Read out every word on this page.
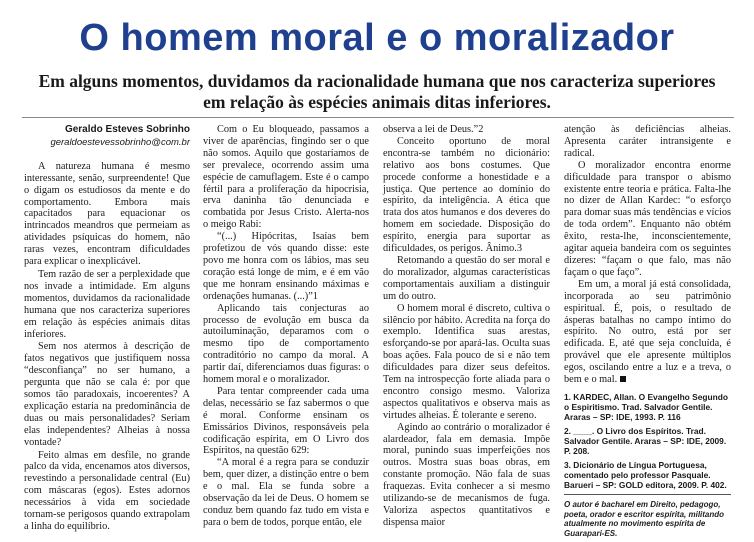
O homem moral e o moralizador

Em alguns momentos, duvidamos da racionalidade humana que nos caracteriza superiores em relação às espécies animais ditas inferiores.

Geraldo Esteves Sobrinho

geraldoestevessobrinho@com.br

A natureza humana é mesmo interessante, senão, surpreendente! Que o digam os estudiosos da mente e do comportamento. Embora mais capacitados para equacionar os intrincados meandros que permeiam as atividades psíquicas do homem, não raras vezes, encontram dificuldades para explicar o inexplicável.

Tem razão de ser a perplexidade que nos invade a intimidade. Em alguns momentos, duvidamos da racionalidade humana que nos caracteriza superiores em relação às espécies animais ditas inferiores.

Sem nos atermos à descrição de fatos negativos que justifiquem nossa “desconfiança” no ser humano, a pergunta que não se cala é: por que somos tão paradoxais, incoerentes? A explicação estaria na predominância de duas ou mais personalidades? Seriam elas independentes? Alheias à nossa vontade?

Feito almas em desfile, no grande palco da vida, encenamos atos diversos, revestindo a personalidade central (Eu) com máscaras (egos). Estes adornos necessários à vida em sociedade tornam-se perigosos quando extrapolam a linha do equilíbrio.

Com o Eu bloqueado, passamos a viver de aparências, fingindo ser o que não somos. Aquilo que gostaríamos de ser prevalece, ocorrendo assim uma espécie de camuflagem. Este é o campo fértil para a proliferação da hipocrisia, erva daninha tão denunciada e combatida por Jesus Cristo. Alerta-nos o meigo Rabi:

“(...) Hipócritas, Isaías bem profetizou de vós quando disse: este povo me honra com os lábios, mas seu coração está longe de mim, e é em vão que me honram ensinando máximas e ordenações humanas. (...)”1

Aplicando tais conjecturas ao processo de evolução em busca da autoiluminação, deparamos com o mesmo tipo de comportamento contraditório no campo da moral. A partir daí, diferenciamos duas figuras: o homem moral e o moralizador.

Para tentar compreender cada uma delas, necessário se faz sabermos o que é moral. Conforme ensinam os Emissários Divinos, responsáveis pela codificação espírita, em O Livro dos Espíritos, na questão 629:

“A moral é a regra para se conduzir bem, quer dizer, a distinção entre o bem e o mal. Ela se funda sobre a observação da lei de Deus. O homem se conduz bem quando faz tudo em vista e para o bem de todos, porque então, ele

observa a lei de Deus.”2

Conceito oportuno de moral encontra-se também no dicionário: relativo aos bons costumes. Que procede conforme a honestidade e a justiça. Que pertence ao domínio do espírito, da inteligência. A ética que trata dos atos humanos e dos deveres do homem em sociedade. Disposição do espírito, energia para suportar as dificuldades, os perigos. Ânimo.3

Retomando a questão do ser moral e do moralizador, algumas características comportamentais auxiliam a distinguir um do outro.

O homem moral é discreto, cultiva o silêncio por hábito. Acredita na força do exemplo. Identifica suas arestas, esforçando-se por apará-las. Oculta suas boas ações. Fala pouco de si e não tem dificuldades para dizer seus defeitos. Tem na introspecção forte aliada para o encontro consigo mesmo. Valoriza aspectos qualitativos e observa mais as virtudes alheias. É tolerante e sereno.

Agindo ao contrário o moralizador é alardeador, fala em demasia. Impõe moral, punindo suas imperfeições nos outros. Mostra suas boas obras, em constante promoção. Não fala de suas fraquezas. Evita conhecer a si mesmo utilizando-se de mecanismos de fuga. Valoriza aspectos quantitativos e dispensa maior

atenção às deficiências alheias. Apresenta caráter intransigente e radical.

O moralizador encontra enorme dificuldade para transpor o abismo existente entre teoria e prática. Falta-lhe no dizer de Allan Kardec: “o esforço para domar suas más tendências e vícios de toda ordem”. Enquanto não obtém êxito, resta-lhe, inconscientemente, agitar aqueia bandeira com os seguintes dizeres: “façam o que falo, mas não façam o que faço”.

Em um, a moral já está consolidada, incorporada ao seu patrimônio espiritual. É, pois, o resultado de ásperas batalhas no campo íntimo do espírito. No outro, está por ser edificada. E, até que seja concluída, é provável que ele apresente múltiplos egos, oscilando entre a luz e a treva, o bem e o mal.

1. KARDEC, Allan. O Evangelho Segundo o Espiritismo. Trad. Salvador Gentile. Araras – SP: IDE, 1993. P. 116
2. ____. O Livro dos Espíritos. Trad. Salvador Gentile. Araras – SP: IDE, 2009. P. 208.
3. Dicionário de Língua Portuguesa, comentado pelo professor Pasquale. Barueri – SP: GOLD editora, 2009. P. 402.
O autor é bacharel em Direito, pedagogo, poeta, orador e escritor espírita, militando atualmente no movimento espírita de Guarapari-ES.
